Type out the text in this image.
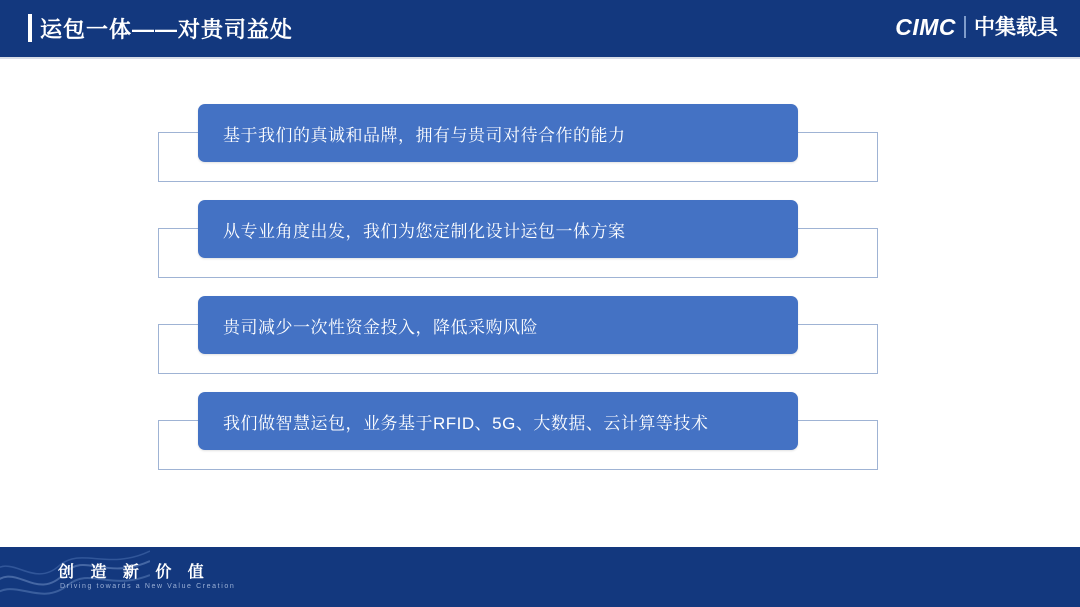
运包一体——对贵司益处	CIMC 中集载具
基于我们的真诚和品牌，拥有与贵司对待合作的能力
从专业角度出发，我们为您定制化设计运包一体方案
贵司减少一次性资金投入，降低采购风险
我们做智慧运包，业务基于RFID、5G、大数据、云计算等技术
创 造 新 价 值
Driving towards a New Value Creation
